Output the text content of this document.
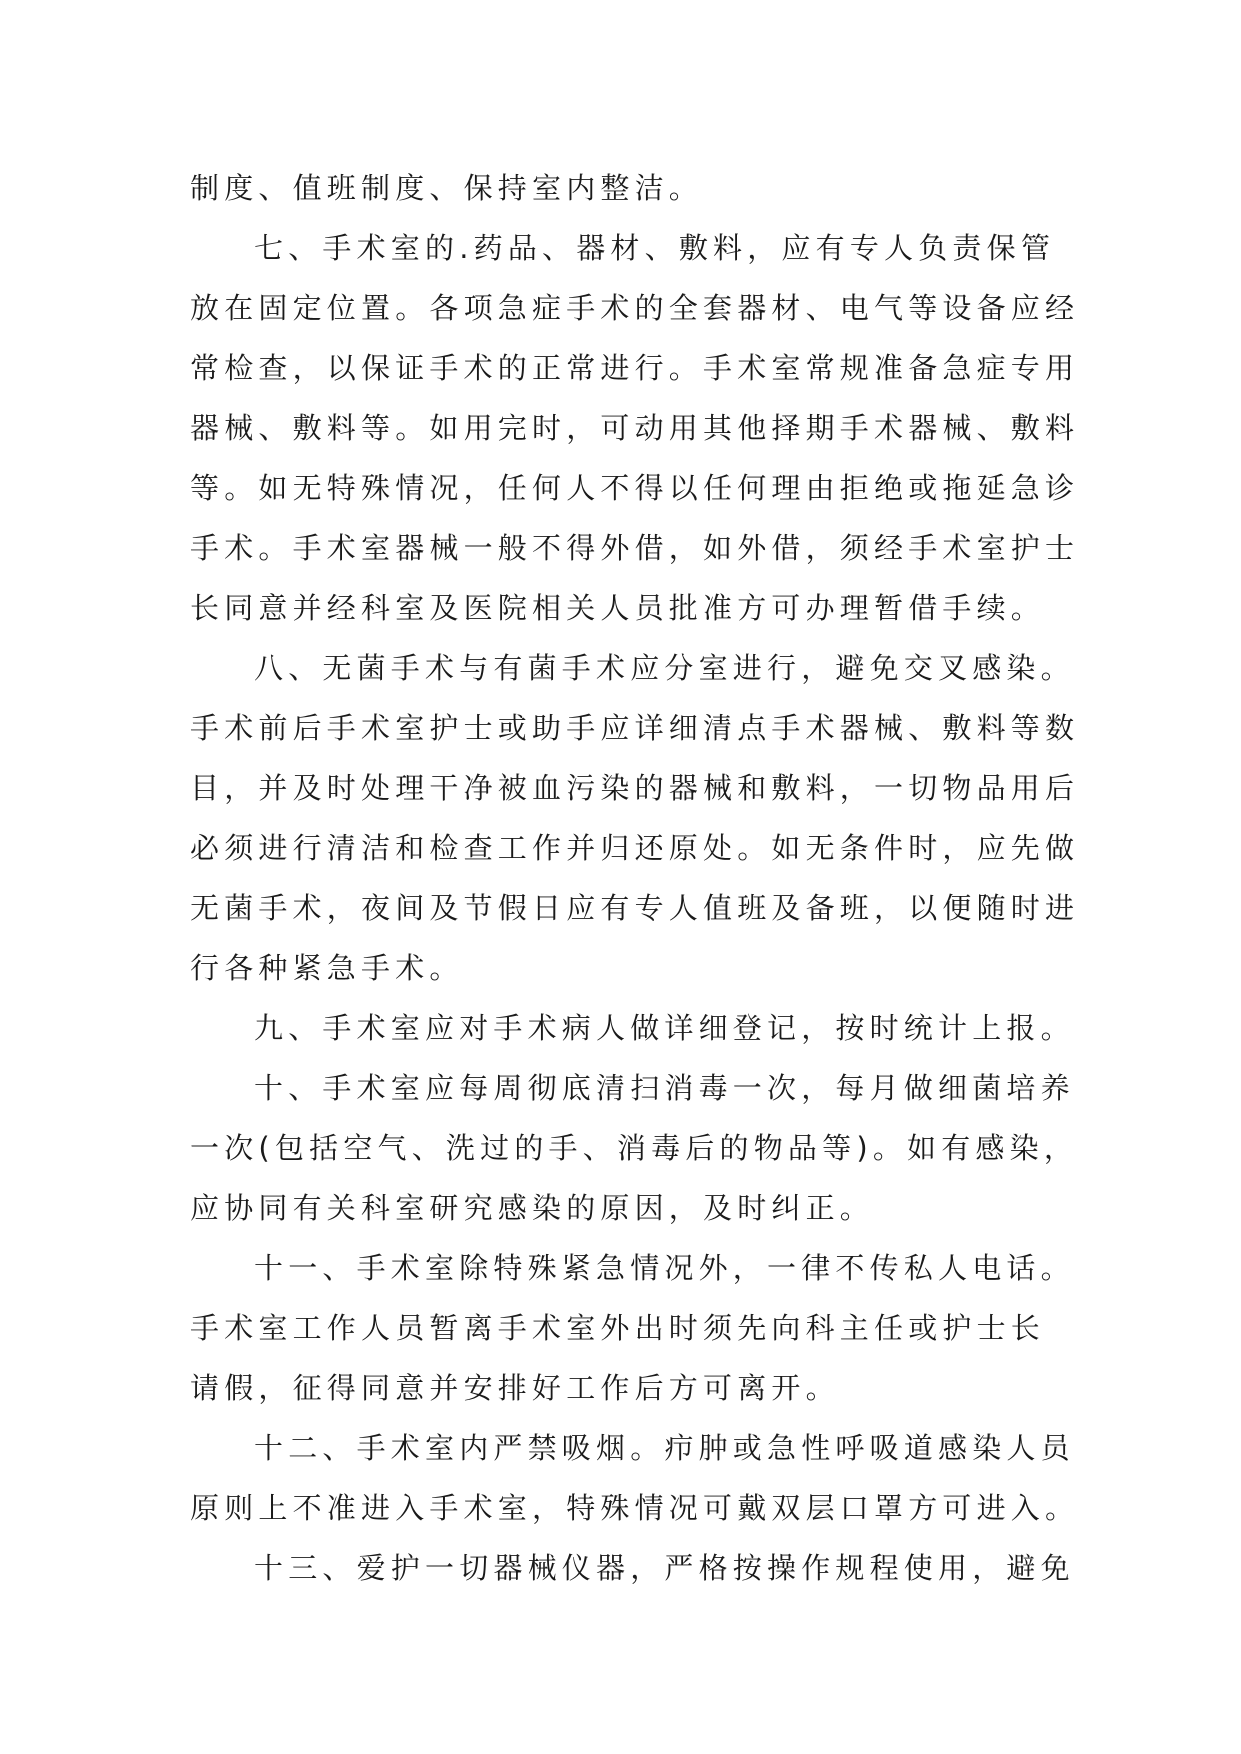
制度、值班制度、保持室内整洁。
七、手术室的.药品、器材、敷料，应有专人负责保管
放在固定位置。各项急症手术的全套器材、电气等设备应经
常检查，以保证手术的正常进行。手术室常规准备急症专用
器械、敷料等。如用完时，可动用其他择期手术器械、敷料
等。如无特殊情况，任何人不得以任何理由拒绝或拖延急诊
手术。手术室器械一般不得外借，如外借，须经手术室护士
长同意并经科室及医院相关人员批准方可办理暂借手续。
八、无菌手术与有菌手术应分室进行，避免交叉感染。
手术前后手术室护士或助手应详细清点手术器械、敷料等数
目，并及时处理干净被血污染的器械和敷料，一切物品用后
必须进行清洁和检查工作并归还原处。如无条件时，应先做
无菌手术，夜间及节假日应有专人值班及备班，以便随时进
行各种紧急手术。
九、手术室应对手术病人做详细登记，按时统计上报。
十、手术室应每周彻底清扫消毒一次，每月做细菌培养
一次(包括空气、洗过的手、消毒后的物品等)。如有感染，
应协同有关科室研究感染的原因，及时纠正。
十一、手术室除特殊紧急情况外，一律不传私人电话。
手术室工作人员暂离手术室外出时须先向科主任或护士长
请假，征得同意并安排好工作后方可离开。
十二、手术室内严禁吸烟。疖肿或急性呼吸道感染人员
原则上不准进入手术室，特殊情况可戴双层口罩方可进入。
十三、爱护一切器械仪器，严格按操作规程使用，避免
